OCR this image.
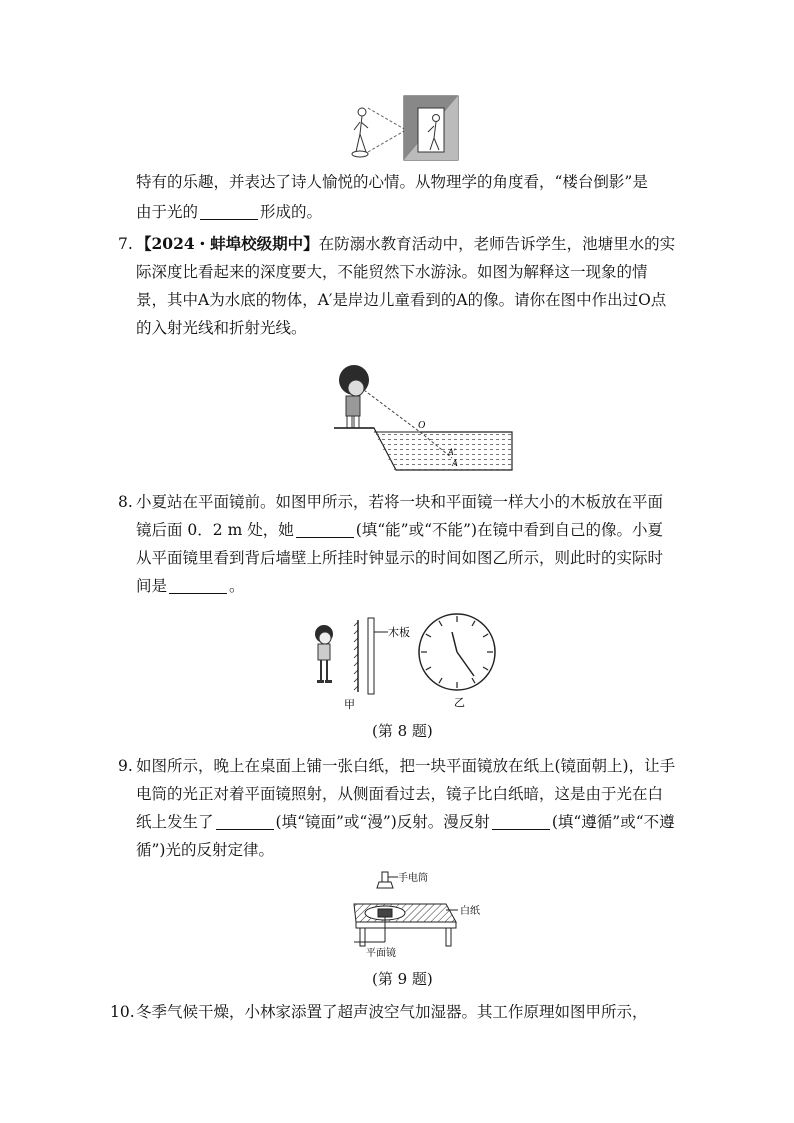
特有的乐趣，并表达了诗人愉悦的心情。从物理学的角度看，“楼台倒影”是

由于光的	形成的。

7. 【2024・蚌埠校级期中】在防溺水教育活动中，老师告诉学生，池塘里水的实际深度比看起来的深度要大，不能贸然下水游泳。如图为解释这一现象的情景，其中A为水底的物体，A′是岸边儿童看到的A的像。请你在图中作出过O点的入射光线和折射光线。

O
A′
A
8. 小夏站在平面镜前。如图甲所示，若将一块和平面镜一样大小的木板放在平面镜后面 0．2 m 处，她	(填“能”或“不能”)在镜中看到自己的像。小夏从平面镜里看到背后墙壁上所挂时钟显示的时间如图乙所示，则此时的实际时间是	。

木板
甲	乙
(第 8 题)
9. 如图所示，晚上在桌面上铺一张白纸，把一块平面镜放在纸上(镜面朝上)，让手电筒的光正对着平面镜照射，从侧面看过去，镜子比白纸暗，这是由于光在白纸上发生了	(填“镜面”或“漫”)反射。漫反射	(填“遵循”或“不遵循”)光的反射定律。

手电筒
白纸
平面镜
(第 9 题)
10. 冬季气候干燥，小林家添置了超声波空气加湿器。其工作原理如图甲所示，
